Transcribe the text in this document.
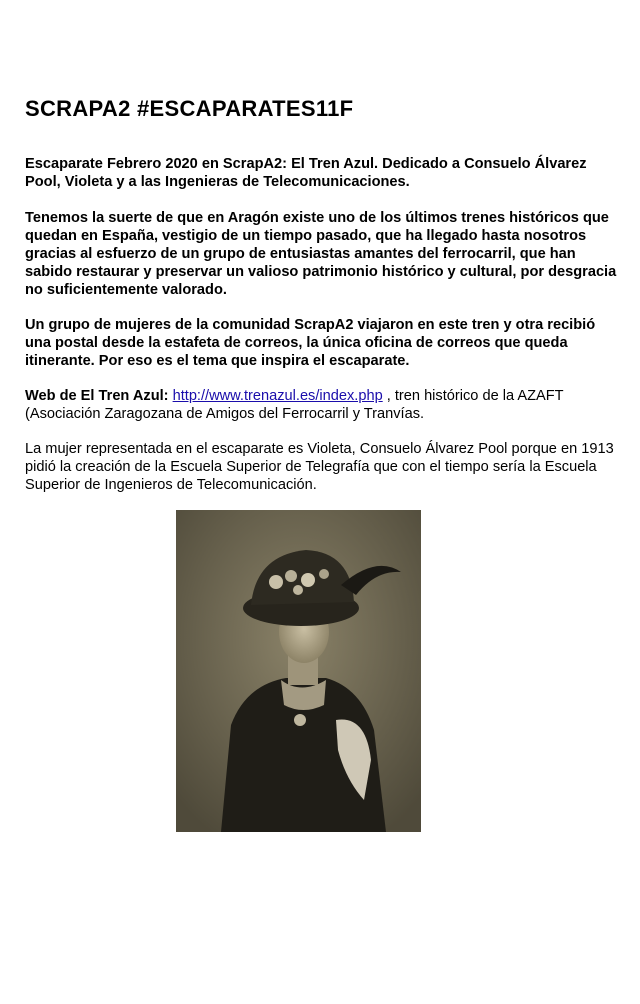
SCRAPA2 #ESCAPARATES11F
Escaparate Febrero 2020 en ScrapA2: El Tren Azul. Dedicado a Consuelo Álvarez Pool, Violeta y a las Ingenieras de Telecomunicaciones.
Tenemos la suerte de que en Aragón existe uno de los últimos trenes históricos que quedan en España, vestigio de un tiempo pasado, que ha llegado hasta nosotros gracias al esfuerzo de un grupo de entusiastas amantes del ferrocarril, que han sabido restaurar y preservar un valioso patrimonio histórico y cultural, por desgracia no suficientemente valorado.
Un grupo de mujeres de la comunidad ScrapA2 viajaron en este tren y otra recibió una postal desde la estafeta de correos, la única oficina de correos que queda itinerante. Por eso es el tema que inspira el escaparate.
Web de El Tren Azul: http://www.trenazul.es/index.php , tren histórico de la AZAFT (Asociación Zaragozana de Amigos del Ferrocarril y Tranvías.
La mujer representada en el escaparate es Violeta, Consuelo Álvarez Pool porque en 1913 pidió la creación de la Escuela Superior de Telegrafía que con el tiempo sería la Escuela Superior de Ingenieros de Telecomunicación.
